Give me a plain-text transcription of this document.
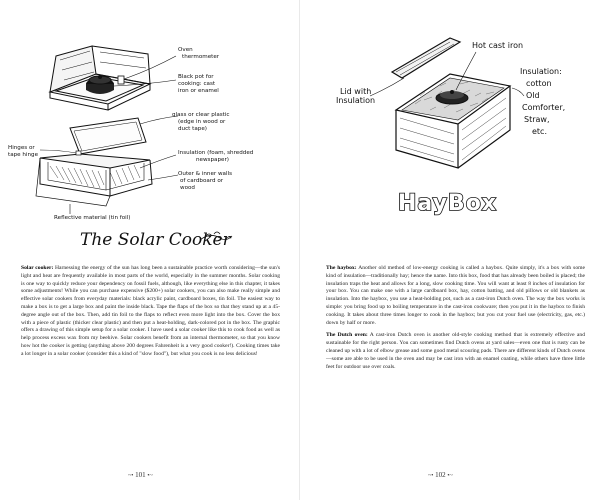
Oven
thermometer
Black pot for
cooking: cast
iron or enamel
glass or clear plastic
(edge in wood or
duct tape)
Hinges or
tape hinge	Insulation (foam, shredded
newspaper)
Outer & inner walls
of cardboard or
wood
Reflective material (tin foil)
The Solar Cooker

Solar cooker: Harnessing the energy of the sun has long been a sustainable practice worth considering—the sun's light and heat are frequently available in most parts of the world, especially in the summer months. Solar cooking is one way to quickly reduce your dependency on fossil fuels, although, like everything else in this chapter, it takes some adjustments! While you can purchase expensive ($200+) solar cookers, you can also make really simple and effective solar cookers from everyday materials: black acrylic paint, cardboard boxes, tin foil. The easiest way to make a box is to get a large box and paint the inside black. Tape the flaps of the box so that they stand up at a 45-degree angle out of the box. Then, add tin foil to the flaps to reflect even more light into the box. Cover the box with a piece of plastic (thicker clear plastic) and then put a heat-holding, dark-colored pot in the box. The graphic offers a drawing of this simple setup for a solar cooker. I have used a solar cooker like this to cook food as well as help process excess wax from my beehive. Solar cookers benefit from an internal thermometer, so that you know how hot the cooker is getting (anything above 200 degrees Fahrenheit is a very good cooker!). Cooking times take a lot longer in a solar cooker (consider this a kind of "slow food"), but what you cook is no less delicious!

~• 101 •~
Lid with
Insulation
Hot cast iron
Insulation:
cotton
Old
Comforter,
Straw,
etc.
HayBox

The haybox: Another old method of low-energy cooking is called a haybox. Quite simply, it's a box with some kind of insulation—traditionally hay; hence the name. Into this box, food that has already been boiled is placed; the insulation traps the heat and allows for a long, slow cooking time. You will want at least 8 inches of insulation for your box. You can make one with a large cardboard box, hay, cotton batting, and old pillows or old blankets as insulation. Into the haybox, you use a heat-holding pot, such as a cast-iron Dutch oven. The way the box works is simple: you bring food up to boiling temperature in the cast-iron cookware; then you put it in the haybox to finish cooking. It takes about three times longer to cook in the haybox; but you cut your fuel use (electricity, gas, etc.) down by half or more.

The Dutch oven: A cast-iron Dutch oven is another old-style cooking method that is extremely effective and sustainable for the right person. You can sometimes find Dutch ovens at yard sales—even one that is rusty can be cleaned up with a lot of elbow grease and some good metal scouring pads. There are different kinds of Dutch ovens—some are able to be used in the oven and may be cast iron with an enamel coating, while others have three little feet for outdoor use over coals.

~• 102 •~
